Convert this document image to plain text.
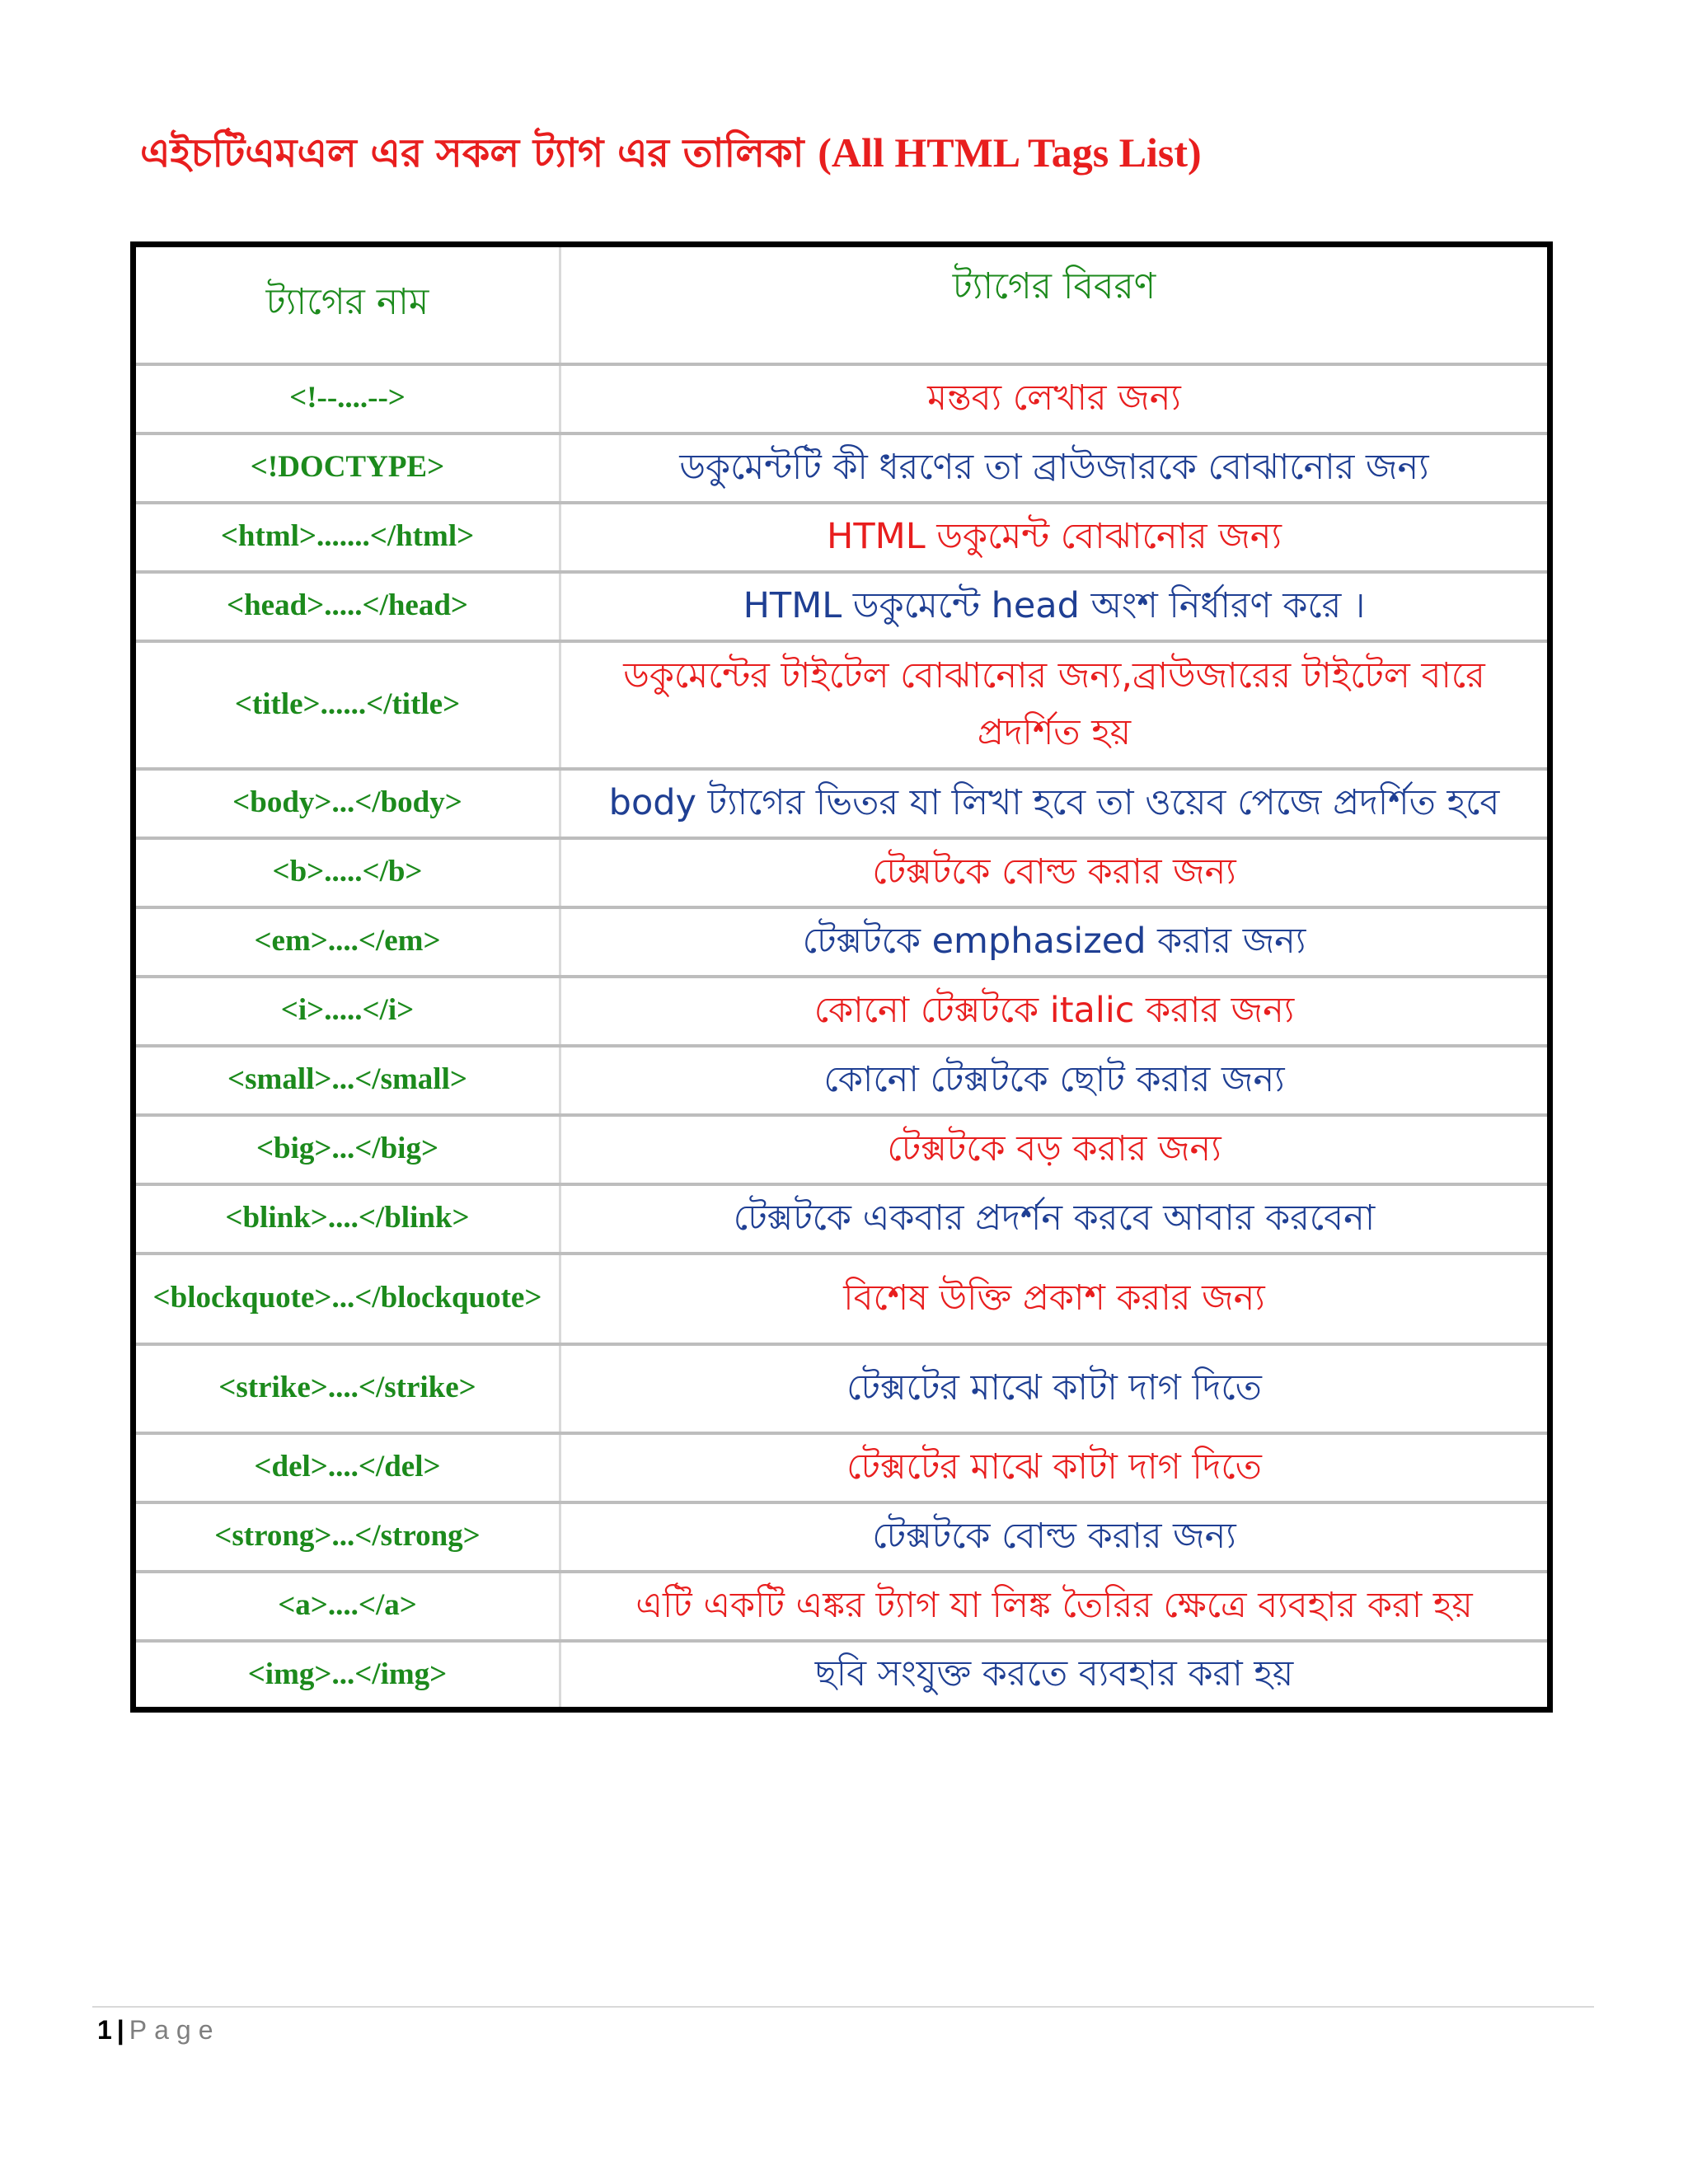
এইচটিএমএল এর সকল ট্যাগ এর তালিকা (All HTML Tags List)
ট্যাগের নাম	ট্যাগের বিবরণ
<!--....-->	মন্তব্য লেখার জন্য
<!DOCTYPE>	ডকুমেন্টটি কী ধরণের তা ব্রাউজারকে বোঝানোর জন্য
<html>.......</html>	HTML ডকুমেন্ট বোঝানোর জন্য
<head>.....</head>	HTML ডকুমেন্টে head অংশ নির্ধারণ করে ।
<title>......</title>	ডকুমেন্টের টাইটেল বোঝানোর জন্য,ব্রাউজারের টাইটেল বারে প্রদর্শিত হয়
<body>...</body>	body ট্যাগের ভিতর যা লিখা হবে তা ওয়েব পেজে প্রদর্শিত হবে
<b>.....</b>	টেক্সটকে বোল্ড করার জন্য
<em>....</em>	টেক্সটকে emphasized করার জন্য
<i>.....</i>	কোনো টেক্সটকে italic করার জন্য
<small>...</small>	কোনো টেক্সটকে ছোট করার জন্য
<big>...</big>	টেক্সটকে বড় করার জন্য
<blink>....</blink>	টেক্সটকে একবার প্রদর্শন করবে আবার করবেনা
<blockquote>...</blockquote>	বিশেষ উক্তি প্রকাশ করার জন্য
<strike>....</strike>	টেক্সটের মাঝে কাটা দাগ দিতে
<del>....</del>	টেক্সটের মাঝে কাটা দাগ দিতে
<strong>...</strong>	টেক্সটকে বোল্ড করার জন্য
<a>....</a>	এটি একটি এঙ্কর ট্যাগ যা লিঙ্ক তৈরির ক্ষেত্রে ব্যবহার করা হয়
<img>...</img>	ছবি সংযুক্ত করতে ব্যবহার করা হয়
1 | Page
